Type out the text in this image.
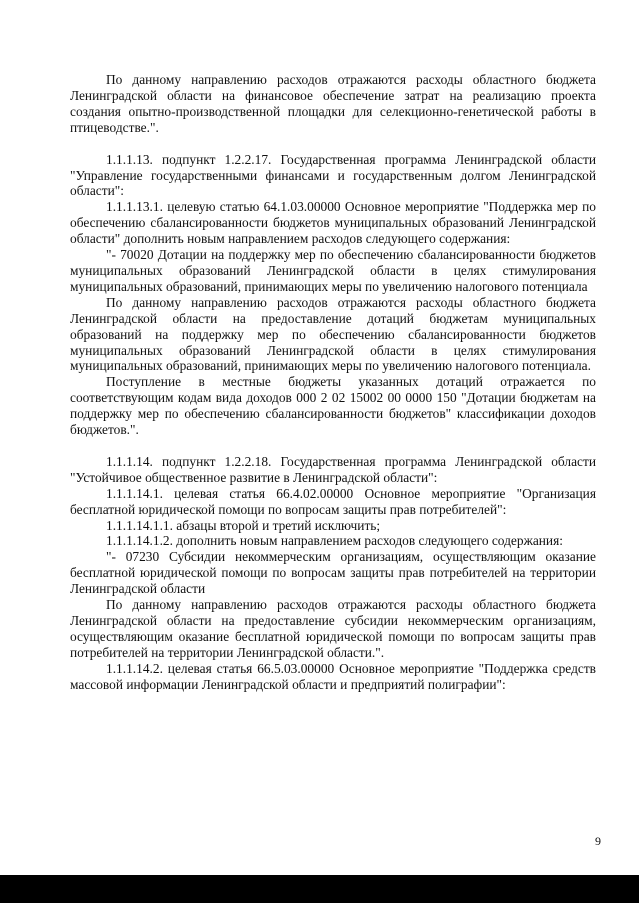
По данному направлению расходов отражаются расходы областного бюджета Ленинградской области на финансовое обеспечение затрат на реализацию проекта создания опытно-производственной площадки для селекционно-генетической работы в птицеводстве.".

1.1.1.13. подпункт 1.2.2.17. Государственная программа Ленинградской области "Управление государственными финансами и государственным долгом Ленинградской области":

1.1.1.13.1. целевую статью 64.1.03.00000 Основное мероприятие "Поддержка мер по обеспечению сбалансированности бюджетов муниципальных образований Ленинградской области" дополнить новым направлением расходов следующего содержания:

"- 70020 Дотации на поддержку мер по обеспечению сбалансированности бюджетов муниципальных образований Ленинградской области в целях стимулирования муниципальных образований, принимающих меры по увеличению налогового потенциала

По данному направлению расходов отражаются расходы областного бюджета Ленинградской области на предоставление дотаций бюджетам муниципальных образований на поддержку мер по обеспечению сбалансированности бюджетов муниципальных образований Ленинградской области в целях стимулирования муниципальных образований, принимающих меры по увеличению налогового потенциала.

Поступление в местные бюджеты указанных дотаций отражается по соответствующим кодам вида доходов 000 2 02 15002 00 0000 150 "Дотации бюджетам на поддержку мер по обеспечению сбалансированности бюджетов" классификации доходов бюджетов.".

1.1.1.14. подпункт 1.2.2.18. Государственная программа Ленинградской области "Устойчивое общественное развитие в Ленинградской области":

1.1.1.14.1. целевая статья 66.4.02.00000 Основное мероприятие "Организация бесплатной юридической помощи по вопросам защиты прав потребителей":

1.1.1.14.1.1. абзацы второй и третий исключить;

1.1.1.14.1.2. дополнить новым направлением расходов следующего содержания:

"- 07230 Субсидии некоммерческим организациям, осуществляющим оказание бесплатной юридической помощи по вопросам защиты прав потребителей на территории Ленинградской области

По данному направлению расходов отражаются расходы областного бюджета Ленинградской области на предоставление субсидии некоммерческим организациям, осуществляющим оказание бесплатной юридической помощи по вопросам защиты прав потребителей на территории Ленинградской области.".

1.1.1.14.2. целевая статья 66.5.03.00000 Основное мероприятие "Поддержка средств массовой информации Ленинградской области и предприятий полиграфии":

9
